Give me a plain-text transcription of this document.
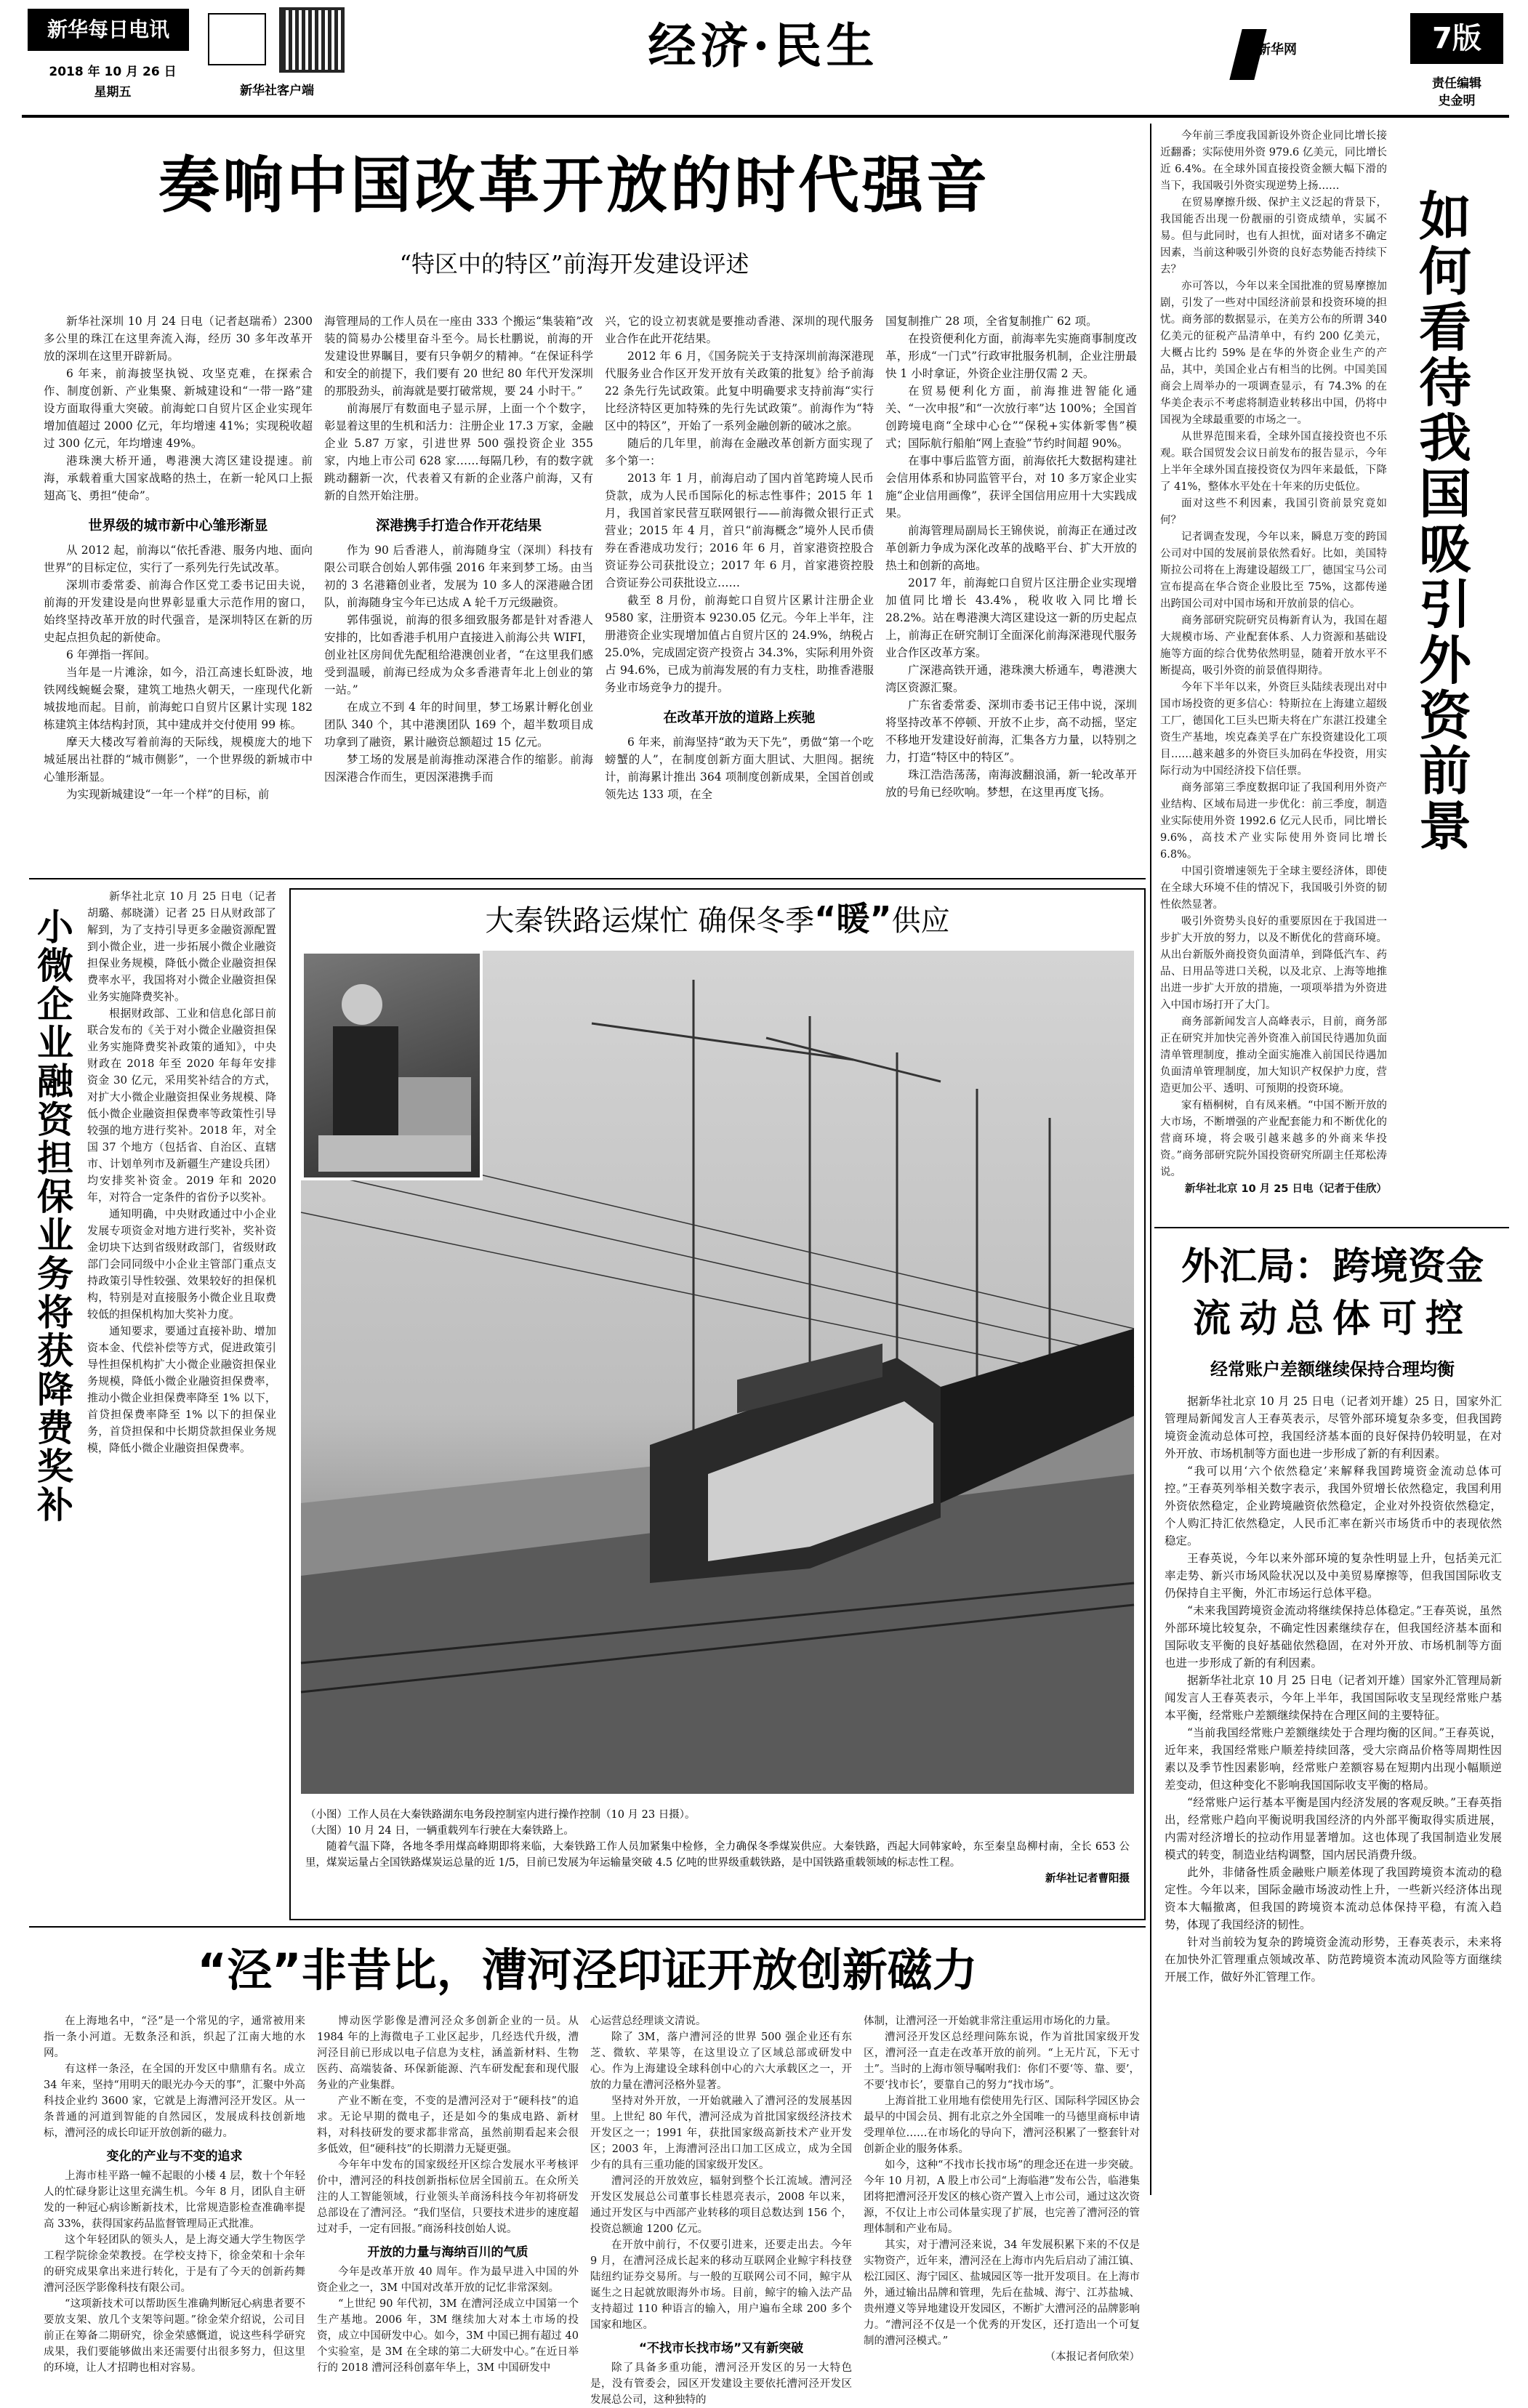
新华每日电讯
2018 年 10 月 26 日
星期五	新华社客户端
经济·民生	新华网	7版
责任编辑
史金明
奏响中国改革开放的时代强音
“特区中的特区”前海开发建设评述

新华社深圳 10 月 24 日电（记者赵瑞希）2300 多公里的珠江在这里奔流入海，经历 30 多年改革开放的深圳在这里开辟新局。

6 年来，前海披坚执锐、攻坚克难，在探索合作、制度创新、产业集聚、新城建设和“一带一路”建设方面取得重大突破。前海蛇口自贸片区企业实现年增加值超过 2000 亿元，年均增速 41%；实现税收超过 300 亿元，年均增速 49%。

港珠澳大桥开通，粤港澳大湾区建设提速。前海，承载着重大国家战略的热土，在新一轮风口上振翅高飞、勇担“使命”。

世界级的城市新中心雏形渐显

从 2012 起，前海以“依托香港、服务内地、面向世界”的目标定位，实行了一系列先行先试改革。

深圳市委常委、前海合作区党工委书记田夫说，前海的开发建设是向世界彰显重大示范作用的窗口，始终坚持改革开放的时代强音，是深圳特区在新的历史起点担负起的新使命。

6 年弹指一挥间。

当年是一片滩涂，如今，沿江高速长虹卧波，地铁网线蜿蜒会聚，建筑工地热火朝天，一座现代化新城拔地而起。目前，前海蛇口自贸片区累计实现 182 栋建筑主体结构封顶，其中建成并交付使用 99 栋。

摩天大楼改写着前海的天际线，规模庞大的地下城延展出社群的“城市侧影”，一个世界级的新城市中心雏形渐显。

为实现新城建设“一年一个样”的目标，前

海管理局的工作人员在一座由 333 个搬运“集装箱”改装的简易办公楼里奋斗至今。局长杜鹏说，前海的开发建设世界瞩目，要有只争朝夕的精神。“在保证科学和安全的前提下，我们要有 20 世纪 80 年代开发深圳的那股劲头，前海就是要打破常规，要 24 小时干。”

前海展厅有数面电子显示屏，上面一个个数字，彰显着这里的生机和活力：注册企业 17.3 万家，金融企业 5.87 万家，引进世界 500 强投资企业 355 家，内地上市公司 628 家……每隔几秒，有的数字就跳动翻新一次，代表着又有新的企业落户前海，又有新的自然开始注册。

深港携手打造合作开花结果

作为 90 后香港人，前海随身宝（深圳）科技有限公司联合创始人郭伟强 2016 年来到梦工场。由当初的 3 名港籍创业者，发展为 10 多人的深港融合团队，前海随身宝今年已达成 A 轮千万元级融资。

郭伟强说，前海的很多细致服务都是针对香港人安排的，比如香港手机用户直接进入前海公共 WIFI，创业社区房间优先配租给港澳创业者，“在这里我们感受到温暖，前海已经成为众多香港青年北上创业的第一站。”

在成立不到 4 年的时间里，梦工场累计孵化创业团队 340 个，其中港澳团队 169 个，超半数项目成功拿到了融资，累计融资总额超过 15 亿元。

梦工场的发展是前海推动深港合作的缩影。前海因深港合作而生，更因深港携手而

兴，它的设立初衷就是要推动香港、深圳的现代服务业合作在此开花结果。

2012 年 6 月，《国务院关于支持深圳前海深港现代服务业合作区开发开放有关政策的批复》给予前海 22 条先行先试政策。此复中明确要求支持前海“实行比经济特区更加特殊的先行先试政策”。前海作为“特区中的特区”，开始了一系列金融创新的破冰之旅。

随后的几年里，前海在金融改革创新方面实现了多个第一：

2013 年 1 月，前海启动了国内首笔跨境人民币贷款，成为人民币国际化的标志性事件；2015 年 1 月，我国首家民营互联网银行——前海微众银行正式营业；2015 年 4 月，首只“前海概念”境外人民币债券在香港成功发行；2016 年 6 月，首家港资控股合资证券公司获批设立；2017 年 6 月，首家港资控股合资证券公司获批设立……

截至 8 月份，前海蛇口自贸片区累计注册企业 9580 家，注册资本 9230.05 亿元。今年上半年，注册港资企业实现增加值占自贸片区的 24.9%，纳税占 25.0%，完成固定资产投资占 34.3%，实际利用外资占 94.6%，已成为前海发展的有力支柱，助推香港服务业市场竞争力的提升。

在改革开放的道路上疾驰

6 年来，前海坚持“敢为天下先”，勇做“第一个吃螃蟹的人”，在制度创新方面大胆试、大胆闯。据统计，前海累计推出 364 项制度创新成果，全国首创或领先达 133 项，在全

国复制推广 28 项，全省复制推广 62 项。

在投资便利化方面，前海率先实施商事制度改革，形成“一门式”行政审批服务机制，企业注册最快 1 小时拿证，外资企业注册仅需 2 天。

在贸易便利化方面，前海推进智能化通关、“一次申报”和“一次放行率”达 100%；全国首创跨境电商“全球中心仓”“保税+实体新零售”模式；国际航行船舶“网上查验”节约时间超 90%。

在事中事后监管方面，前海依托大数据构建社会信用体系和协同监管平台，对 10 多万家企业实施“企业信用画像”，获评全国信用应用十大实践成果。

前海管理局副局长王锦侠说，前海正在通过改革创新力争成为深化改革的战略平台、扩大开放的热土和创新的高地。

2017 年，前海蛇口自贸片区注册企业实现增加值同比增长 43.4%，税收收入同比增长 28.2%。站在粤港澳大湾区建设这一新的历史起点上，前海正在研究制订全面深化前海深港现代服务业合作区改革方案。

广深港高铁开通，港珠澳大桥通车，粤港澳大湾区资源汇聚。

广东省委常委、深圳市委书记王伟中说，深圳将坚持改革不停顿、开放不止步，高不动摇，坚定不移地开发建设好前海，汇集各方力量，以特别之力，打造“特区中的特区”。

珠江浩浩荡荡，南海波翻浪涌，新一轮改革开放的号角已经吹响。梦想，在这里再度飞扬。

今年前三季度我国新设外资企业同比增长接近翻番；实际使用外资 979.6 亿美元，同比增长近 6.4%。在全球外国直接投资金额大幅下滑的当下，我国吸引外资实现逆势上扬……

在贸易摩擦升级、保护主义泛起的背景下，我国能否出现一份靓丽的引资成绩单，实属不易。但与此同时，也有人担忧，面对诸多不确定因素，当前这种吸引外资的良好态势能否持续下去？

亦可答以，今年以来全国批准的贸易摩擦加剧，引发了一些对中国经济前景和投资环境的担忧。商务部的数据显示，在美方公布的所谓 340 亿美元的征税产品清单中，有约 200 亿美元，大概占比约 59% 是在华的外资企业生产的产品，其中，美国企业占有相当的比例。中国美国商会上周举办的一项调查显示，有 74.3% 的在华美企表示不考虑将制造业转移出中国，仍将中国视为全球最重要的市场之一。

从世界范围来看，全球外国直接投资也不乐观。联合国贸发会议日前发布的报告显示，今年上半年全球外国直接投资仅为四年来最低，下降了 41%，整体水平处在十年来的历史低位。

面对这些不利因素，我国引资前景究竟如何？

记者调查发现，今年以来，瞬息万变的跨国公司对中国的发展前景依然看好。比如，美国特斯拉公司将在上海建设超级工厂，德国宝马公司宣布提高在华合资企业股比至 75%，这都传递出跨国公司对中国市场和开放前景的信心。

商务部研究院研究员梅新育认为，我国在超大规模市场、产业配套体系、人力资源和基础设施等方面的综合优势依然明显，随着开放水平不断提高，吸引外资的前景值得期待。

今年下半年以来，外资巨头陆续表现出对中国市场投资的更多信心：特斯拉在上海建立超级工厂，德国化工巨头巴斯夫将在广东湛江投建全资生产基地，埃克森美孚在广东投资建设化工项目……越来越多的外资巨头加码在华投资，用实际行动为中国经济投下信任票。

商务部第三季度数据印证了我国利用外资产业结构、区域布局进一步优化：前三季度，制造业实际使用外资 1992.6 亿元人民币，同比增长 9.6%，高技术产业实际使用外资同比增长 6.8%。

中国引资增速领先于全球主要经济体，即使在全球大环境不佳的情况下，我国吸引外资的韧性依然显著。

吸引外资势头良好的重要原因在于我国进一步扩大开放的努力，以及不断优化的营商环境。从出台新版外商投资负面清单，到降低汽车、药品、日用品等进口关税，以及北京、上海等地推出进一步扩大开放的措施，一项项举措为外资进入中国市场打开了大门。

商务部新闻发言人高峰表示，目前，商务部正在研究并加快完善外资准入前国民待遇加负面清单管理制度，推动全面实施准入前国民待遇加负面清单管理制度，加大知识产权保护力度，营造更加公平、透明、可预期的投资环境。

家有梧桐树，自有凤来栖。“中国不断开放的大市场，不断增强的产业配套能力和不断优化的营商环境，将会吸引越来越多的外商来华投资。”商务部研究院外国投资研究所副主任郑松涛说。

新华社北京 10 月 25 日电（记者于佳欣）

如何看待我国吸引外资前景
外汇局：跨境资金
流动总体可控
经常账户差额继续保持合理均衡

据新华社北京 10 月 25 日电（记者刘开雄）25 日，国家外汇管理局新闻发言人王春英表示，尽管外部环境复杂多变，但我国跨境资金流动总体可控，我国经济基本面的良好保持仍较明显，在对外开放、市场机制等方面也进一步形成了新的有利因素。

“我可以用‘六个依然稳定’来解释我国跨境资金流动总体可控。”王春英列举相关数字表示，我国外贸增长依然稳定，我国利用外资依然稳定，企业跨境融资依然稳定，企业对外投资依然稳定，个人购汇持汇依然稳定，人民币汇率在新兴市场货币中的表现依然稳定。

王春英说，今年以来外部环境的复杂性明显上升，包括美元汇率走势、新兴市场风险状况以及中美贸易摩擦等，但我国国际收支仍保持自主平衡，外汇市场运行总体平稳。

“未来我国跨境资金流动将继续保持总体稳定。”王春英说，虽然外部环境比较复杂，不确定性因素继续存在，但我国经济基本面和国际收支平衡的良好基础依然稳固，在对外开放、市场机制等方面也进一步形成了新的有利因素。

据新华社北京 10 月 25 日电（记者刘开雄）国家外汇管理局新闻发言人王春英表示，今年上半年，我国国际收支呈现经常账户基本平衡，经常账户差额继续保持在合理区间的主要特征。

“当前我国经常账户差额继续处于合理均衡的区间。”王春英说，近年来，我国经常账户顺差持续回落，受大宗商品价格等周期性因素以及季节性因素影响，经常账户差额容易在短期内出现小幅顺逆差变动，但这种变化不影响我国国际收支平衡的格局。

“经常账户运行基本平衡是国内经济发展的客观反映。”王春英指出，经常账户趋向平衡说明我国经济的内外部平衡取得实质进展，内需对经济增长的拉动作用显著增加。这也体现了我国制造业发展模式的转变，制造业结构调整，国内居民消费升级。

此外，非储备性质金融账户顺差体现了我国跨境资本流动的稳定性。今年以来，国际金融市场波动性上升，一些新兴经济体出现资本大幅撤离，但我国的跨境资本流动总体保持平稳，有流入趋势，体现了我国经济的韧性。

针对当前较为复杂的跨境资金流动形势，王春英表示，未来将在加快外汇管理重点领域改革、防范跨境资本流动风险等方面继续开展工作，做好外汇管理工作。

小微企业融资担保业务将获降费奖补

新华社北京 10 月 25 日电（记者胡璐、郝晓潇）记者 25 日从财政部了解到，为了支持引导更多金融资源配置到小微企业，进一步拓展小微企业融资担保业务规模，降低小微企业融资担保费率水平，我国将对小微企业融资担保业务实施降费奖补。

根据财政部、工业和信息化部日前联合发布的《关于对小微企业融资担保业务实施降费奖补政策的通知》，中央财政在 2018 年至 2020 年每年安排资金 30 亿元，采用奖补结合的方式，对扩大小微企业融资担保业务规模、降低小微企业融资担保费率等政策性引导较强的地方进行奖补。2018 年，对全国 37 个地方（包括省、自治区、直辖市、计划单列市及新疆生产建设兵团）均安排奖补资金。2019 年和 2020 年，对符合一定条件的省份予以奖补。

通知明确，中央财政通过中小企业发展专项资金对地方进行奖补，奖补资金切块下达到省级财政部门，省级财政部门会同同级中小企业主管部门重点支持政策引导性较强、效果较好的担保机构，特别是对直接服务小微企业且取费较低的担保机构加大奖补力度。

通知要求，要通过直接补助、增加资本金、代偿补偿等方式，促进政策引导性担保机构扩大小微企业融资担保业务规模，降低小微企业融资担保费率，推动小微企业担保费率降至 1% 以下，首贷担保费率降至 1% 以下的担保业务，首贷担保和中长期贷款担保业务规模，降低小微企业融资担保费率。

大秦铁路运煤忙 确保冬季“暖”供应
（小图）工作人员在大秦铁路湖东电务段控制室内进行操作控制（10 月 23 日摄）。
（大图）10 月 24 日，一辆重载列车行驶在大秦铁路上。
随着气温下降，各地冬季用煤高峰期即将来临，大秦铁路工作人员加紧集中检修，全力确保冬季煤炭供应。大秦铁路，西起大同韩家岭，东至秦皇岛柳村南，全长 653 公里，煤炭运量占全国铁路煤炭运总量的近 1/5，目前已发展为年运输量突破 4.5 亿吨的世界级重载铁路，是中国铁路重载领域的标志性工程。
新华社记者曹阳摄
“泾”非昔比，漕河泾印证开放创新磁力

在上海地名中，“泾”是一个常见的字，通常被用来指一条小河道。无数条泾和浜，织起了江南大地的水网。

有这样一条泾，在全国的开发区中鼎鼎有名。成立 34 年来，坚持“用明天的眼光办今天的事”，汇聚中外高科技企业约 3600 家，它就是上海漕河泾开发区。从一条普通的河道到智能的自然园区，发展成科技创新地标，漕河泾的成长印证开放创新的磁力。

变化的产业与不变的追求

上海市桂平路一幢不起眼的小楼 4 层，数十个年轻人的忙碌身影让这里充满生机。今年 8 月，团队自主研发的一种冠心病诊断新技术，比常规造影检查准确率提高 33%，获得国家药品监督管理局正式批准。

这个年轻团队的领头人，是上海交通大学生物医学工程学院徐金荣教授。在学校支持下，徐金荣和十余年的研究成果拿出来进行转化，于是有了今天的创新药舞漕河泾医学影像科技有限公司。

“这项新技术可以帮助医生准确判断冠心病患者要不要放支架、放几个支架等问题。”徐金荣介绍说，公司目前正在筹备二期研究，徐金荣感慨道，说这些科学研究成果，我们要能够做出来还需要付出很多努力，但这里的环境，让人才招聘也相对容易。

博动医学影像是漕河泾众多创新企业的一员。从 1984 年的上海微电子工业区起步，几经迭代升级，漕河泾目前已形成以电子信息为支柱，涵盖新材料、生物医药、高端装备、环保新能源、汽车研发配套和现代服务业的产业集群。

产业不断在变，不变的是漕河泾对于“硬科技”的追求。无论早期的微电子，还是如今的集成电路、新材料，对科技研发的要求都非常高，虽然前期看起来会很多低效，但“硬科技”的长期潜力无疑更强。

今年年中发布的国家级经开区综合发展水平考核评价中，漕河泾的科技创新指标位居全国前五。在众所关注的人工智能领域，行业领头羊商汤科技今年初将研发总部设在了漕河泾。“我们坚信，只要技术进步的速度超过对手，一定有回报。”商汤科技创始人说。

开放的力量与海纳百川的气质

今年是改革开放 40 周年。作为最早进入中国的外资企业之一，3M 中国对改革开放的记忆非常深刻。

“上世纪 90 年代初，3M 在漕河泾成立中国第一个生产基地。2006 年，3M 继续加大对本土市场的投资，成立中国研发中心。如今，3M 中国已拥有超过 40 个实验室，是 3M 在全球的第二大研发中心。”在近日举行的 2018 漕河泾科创嘉年华上，3M 中国研发中

心运营总经理谈文清说。

除了 3M，落户漕河泾的世界 500 强企业还有东芝、微软、苹果等，在这里设立了区域总部或研发中心。作为上海建设全球科创中心的六大承载区之一，开放的力量在漕河泾格外显著。

坚持对外开放，一开始就融入了漕河泾的发展基因里。上世纪 80 年代，漕河泾成为首批国家级经济技术开发区之一；1991 年，获批国家级高新技术产业开发区；2003 年，上海漕河泾出口加工区成立，成为全国少有的具有三重功能的国家级开发区。

漕河泾的开放效应，辐射到整个长江流域。漕河泾开发区发展总公司董事长桂恩亮表示，2008 年以来，通过开发区与中西部产业转移的项目总数达到 156 个，投资总额逾 1200 亿元。

在开放中前行，不仅要引进来，还要走出去。今年 9 月，在漕河泾成长起来的移动互联网企业鲸宇科技登陆纽约证券交易所。与一般的互联网公司不同，鲸宇从诞生之日起就放眼海外市场。目前，鲸宇的输入法产品支持超过 110 种语言的输入，用户遍布全球 200 多个国家和地区。

“不找市长找市场”又有新突破

除了具备多重功能，漕河泾开发区的另一大特色是，没有管委会，园区开发建设主要依托漕河泾开发区发展总公司，这种独特的

体制，让漕河泾一开始就非常注重运用市场化的力量。

漕河泾开发区总经理问陈东说，作为首批国家级开发区，漕河泾一直走在改革开放的前列。“上无片瓦，下无寸土”。当时的上海市领导嘱咐我们：你们不要‘等、靠、要’，不要‘找市长’，要靠自己的努力“找市场”。

上海首批工业用地有偿使用先行区、国际科学园区协会最早的中国会员、拥有北京之外全国唯一的马德里商标申请受理单位……在市场化的导向下，漕河泾积累了一整套针对创新企业的服务体系。

如今，这种“不找市长找市场”的理念还在进一步突破。今年 10 月初，A 股上市公司“上海临港”发布公告，临港集团将把漕河泾开发区的核心资产置入上市公司，通过这次资源，不仅让上市公司体量实现了扩展，也完善了漕河泾的管理体制和产业布局。

其实，对于漕河泾来说，34 年发展积累下来的不仅是实物资产，近年来，漕河泾在上海市内先后启动了浦江镇、松江园区、海宁园区、盐城园区等一批开发项目。在上海市外，通过输出品牌和管理，先后在盐城、海宁、江苏盐城、贵州遵义等异地建设开发园区，不断扩大漕河泾的品牌影响力。“漕河泾不仅是一个优秀的开发区，还打造出一个可复制的漕河泾模式。”

（本报记者何欣荣）
